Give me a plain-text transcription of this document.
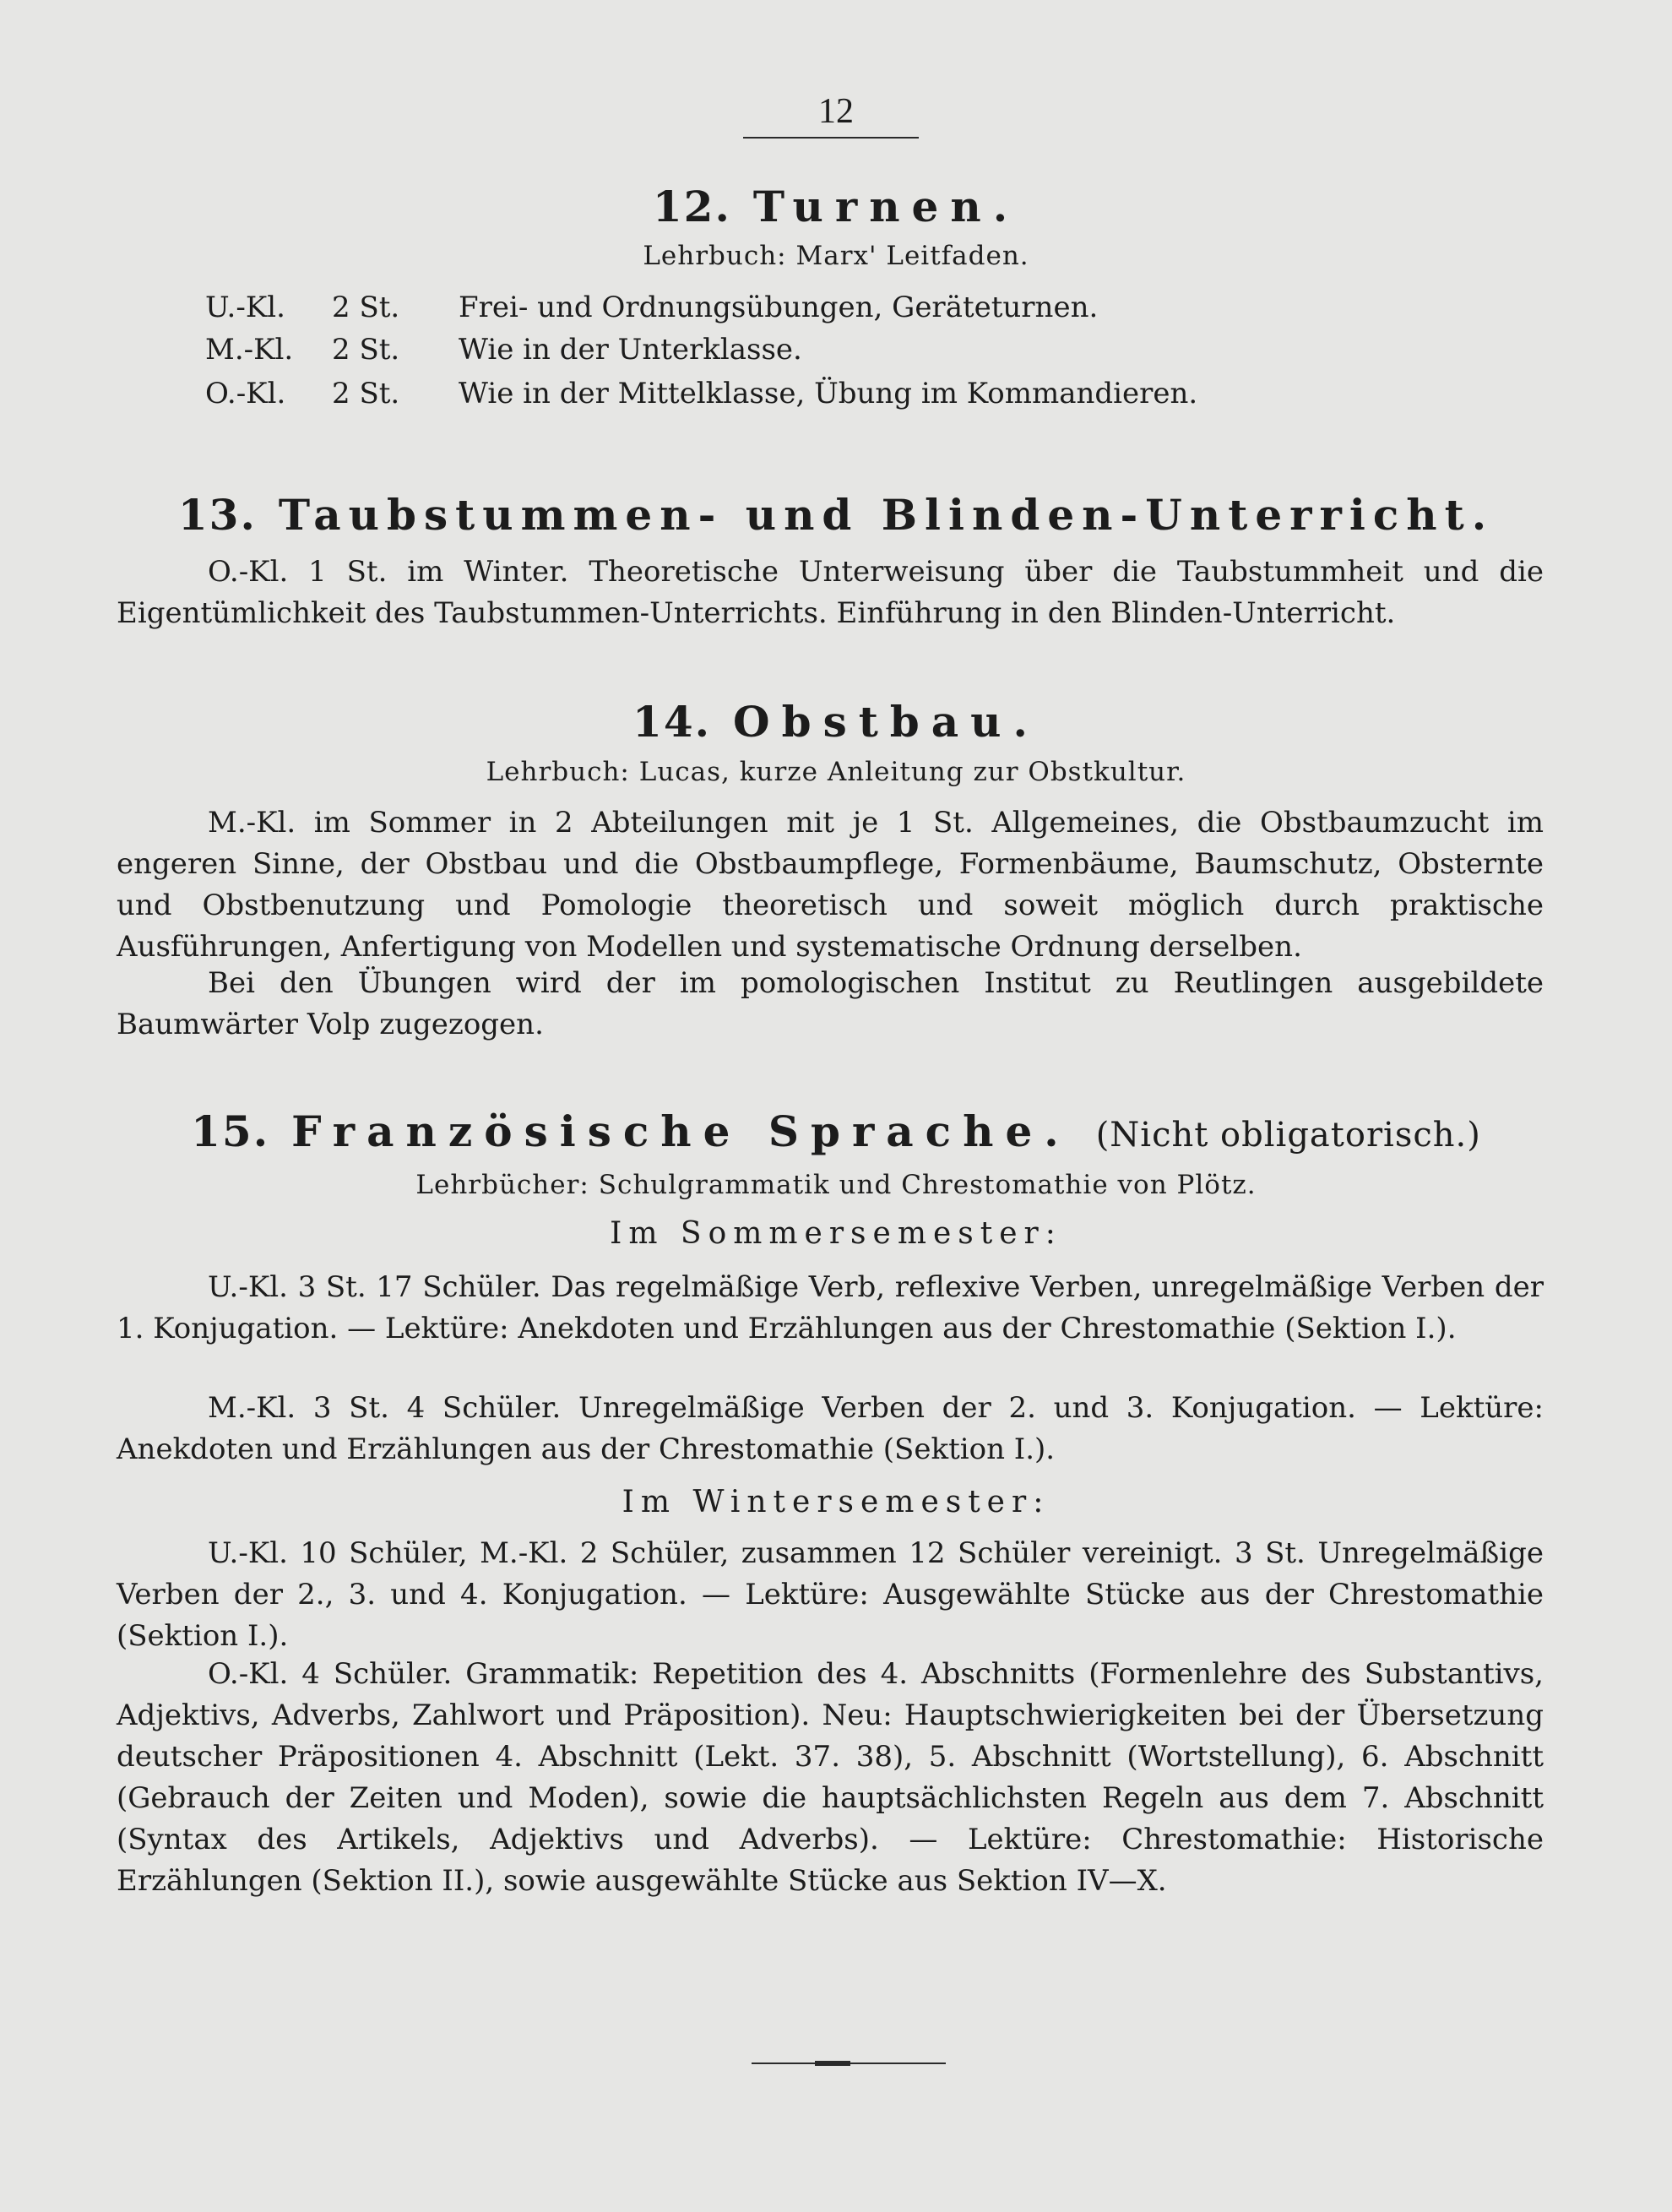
12
12. Turnen.
Lehrbuch: Marx' Leitfaden.
U.-Kl. 2 St. Frei- und Ordnungsübungen, Geräteturnen.
M.-Kl. 2 St. Wie in der Unterklasse.
O.-Kl. 2 St. Wie in der Mittelklasse, Übung im Kommandieren.
13. Taubstummen- und Blinden-Unterricht.

O.-Kl. 1 St. im Winter. Theoretische Unterweisung über die Taubstummheit und die Eigentümlichkeit des Taubstummen-Unterrichts. Einführung in den Blinden-Unterricht.

14. Obstbau.
Lehrbuch: Lucas, kurze Anleitung zur Obstkultur.

M.-Kl. im Sommer in 2 Abteilungen mit je 1 St. Allgemeines, die Obstbaumzucht im engeren Sinne, der Obstbau und die Obstbaumpflege, Formenbäume, Baumschutz, Obsternte und Obstbenutzung und Pomologie theoretisch und soweit möglich durch praktische Ausführungen, Anfertigung von Modellen und systematische Ordnung derselben.

Bei den Übungen wird der im pomologischen Institut zu Reutlingen ausgebildete Baumwärter Volp zugezogen.

15. Französische Sprache. (Nicht obligatorisch.)
Lehrbücher: Schulgrammatik und Chrestomathie von Plötz.
Im Sommersemester:

U.-Kl. 3 St. 17 Schüler. Das regelmäßige Verb, reflexive Verben, unregelmäßige Verben der 1. Konjugation. — Lektüre: Anekdoten und Erzählungen aus der Chrestomathie (Sektion I.).

M.-Kl. 3 St. 4 Schüler. Unregelmäßige Verben der 2. und 3. Konjugation. — Lektüre: Anekdoten und Erzählungen aus der Chrestomathie (Sektion I.).

Im Wintersemester:

U.-Kl. 10 Schüler, M.-Kl. 2 Schüler, zusammen 12 Schüler vereinigt. 3 St. Unregelmäßige Verben der 2., 3. und 4. Konjugation. — Lektüre: Ausgewählte Stücke aus der Chrestomathie (Sektion I.).

O.-Kl. 4 Schüler. Grammatik: Repetition des 4. Abschnitts (Formenlehre des Substantivs, Adjektivs, Adverbs, Zahlwort und Präposition). Neu: Hauptschwierigkeiten bei der Übersetzung deutscher Präpositionen 4. Abschnitt (Lekt. 37. 38), 5. Abschnitt (Wortstellung), 6. Abschnitt (Gebrauch der Zeiten und Moden), sowie die hauptsächlichsten Regeln aus dem 7. Abschnitt (Syntax des Artikels, Adjektivs und Adverbs). — Lektüre: Chrestomathie: Historische Erzählungen (Sektion II.), sowie ausgewählte Stücke aus Sektion IV—X.
